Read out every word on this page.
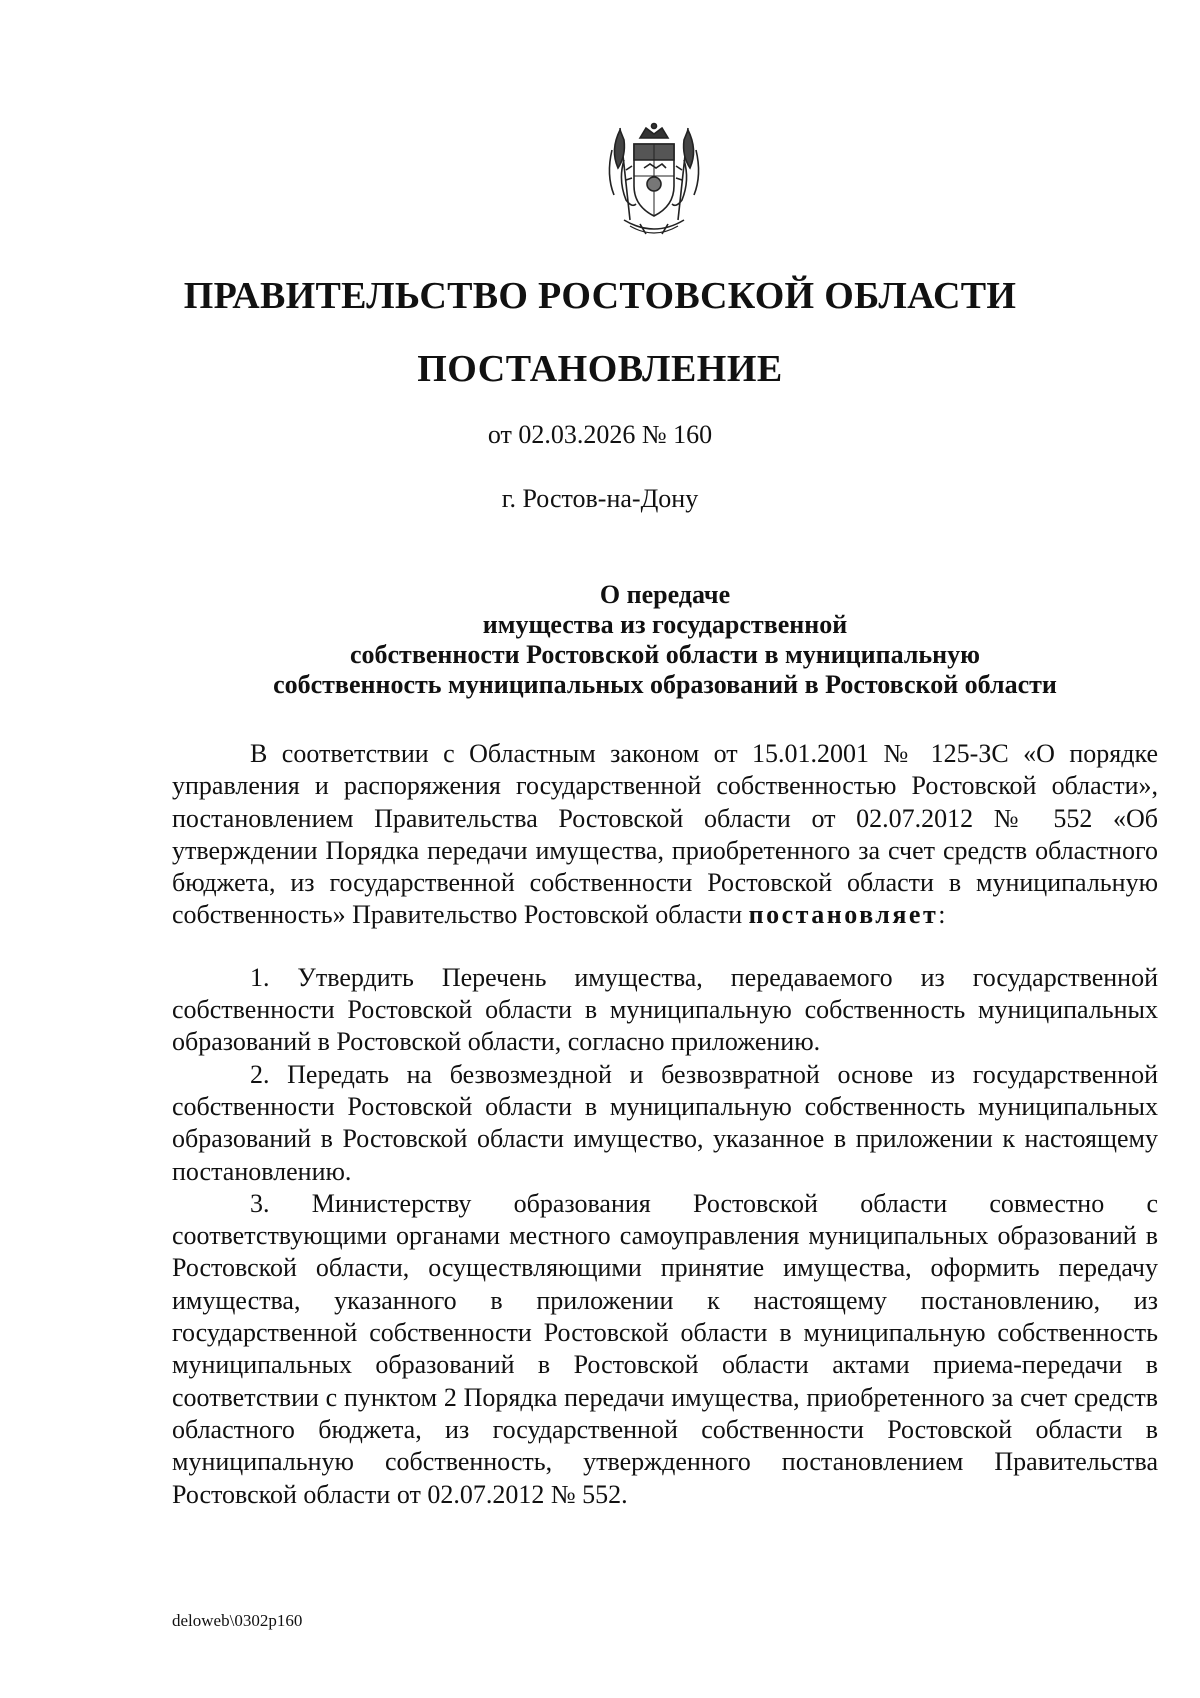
ПРАВИТЕЛЬСТВО РОСТОВСКОЙ ОБЛАСТИ
ПОСТАНОВЛЕНИЕ
от 02.03.2026 № 160
г. Ростов-на-Дону
О передаче
имущества из государственной
собственности Ростовской области в муниципальную
собственность муниципальных образований в Ростовской области

В соответствии с Областным законом от 15.01.2001 № 125-ЗС «О порядке управления и распоряжения государственной собственностью Ростовской области», постановлением Правительства Ростовской области от 02.07.2012 № 552 «Об утверждении Порядка передачи имущества, приобретенного за счет средств областного бюджета, из государственной собственности Ростовской области в муниципальную собственность» Правительство Ростовской области постановляет:

1. Утвердить Перечень имущества, передаваемого из государственной собственности Ростовской области в муниципальную собственность муниципальных образований в Ростовской области, согласно приложению.

2. Передать на безвозмездной и безвозвратной основе из государственной собственности Ростовской области в муниципальную собственность муниципальных образований в Ростовской области имущество, указанное в приложении к настоящему постановлению.

3. Министерству образования Ростовской области совместно с соответствующими органами местного самоуправления муниципальных образований в Ростовской области, осуществляющими принятие имущества, оформить передачу имущества, указанного в приложении к настоящему постановлению, из государственной собственности Ростовской области в муниципальную собственность муниципальных образований в Ростовской области актами приема-передачи в соответствии с пунктом 2 Порядка передачи имущества, приобретенного за счет средств областного бюджета, из государственной собственности Ростовской области в муниципальную собственность, утвержденного постановлением Правительства Ростовской области от 02.07.2012 № 552.

deloweb\0302p160
